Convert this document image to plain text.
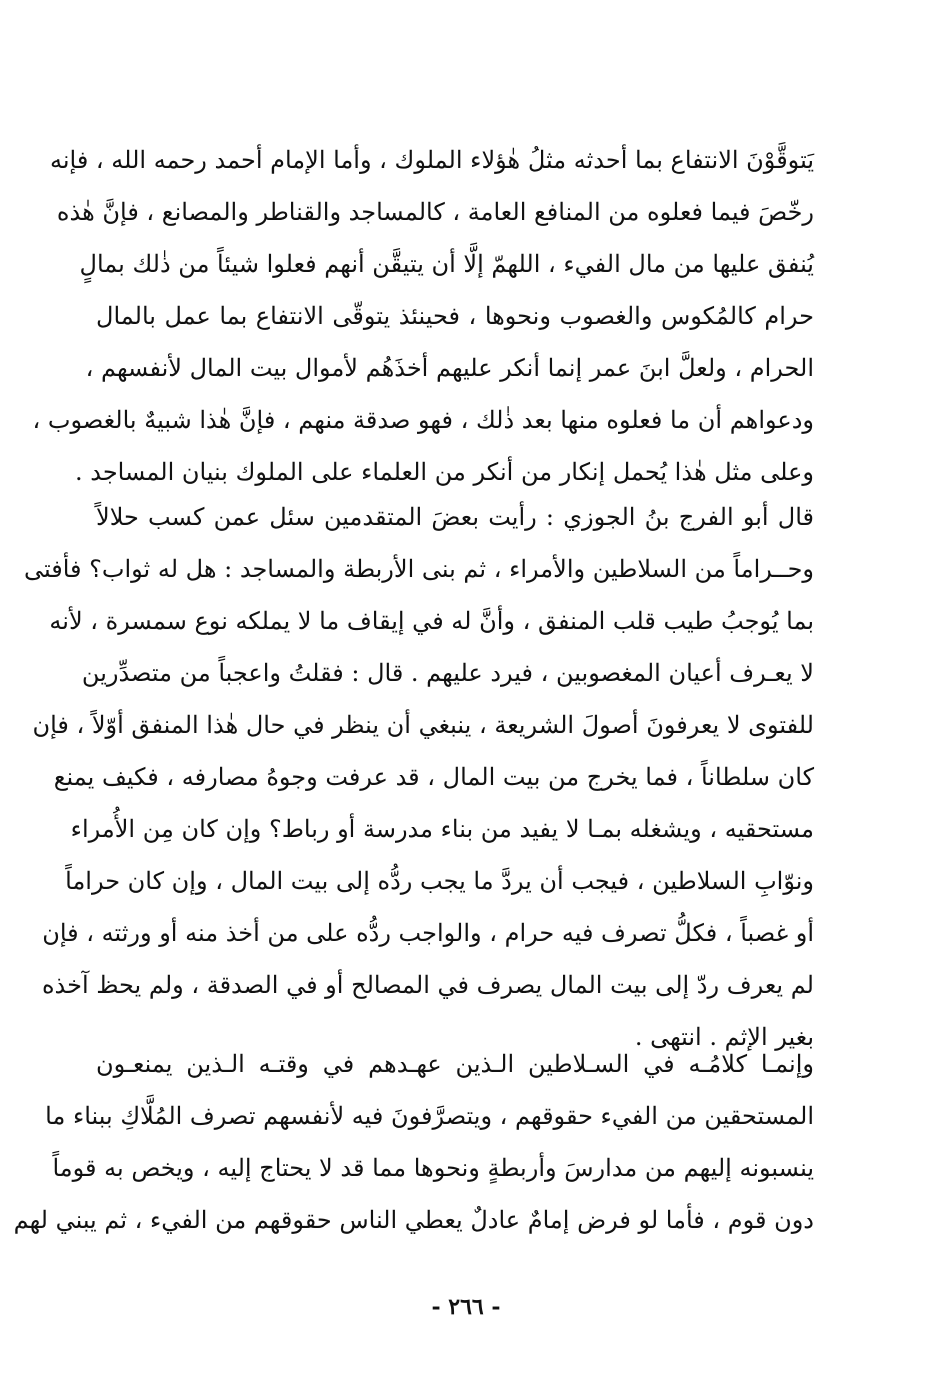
يَتوقَّوْنَ الانتفاع بما أحدثه مثلُ هٰؤلاء الملوك ، وأما الإمام أحمد رحمه الله ، فإنه
رخّصَ فيما فعلوه من المنافع العامة ، كالمساجد والقناطر والمصانع ، فإنَّ هٰذه
يُنفق عليها من مال الفيء ، اللهمّ إلَّا أن يتيقَّن أنهم فعلوا شيئاً من ذٰلك بمالٍ
حرام كالمُكوس والغصوب ونحوها ، فحينئذ يتوقّى الانتفاع بما عمل بالمال
الحرام ، ولعلَّ ابنَ عمر إنما أنكر عليهم أخذَهُم لأموال بيت المال لأنفسهم ،
ودعواهم أن ما فعلوه منها بعد ذٰلك ، فهو صدقة منهم ، فإنَّ هٰذا شبيهٌ بالغصوب ،
وعلى مثل هٰذا يُحمل إنكار من أنكر من العلماء على الملوك بنيان المساجد .
قال أبو الفرج بنُ الجوزي : رأيت بعضَ المتقدمين سئل عمن كسب حلالاً
وحــراماً من السلاطين والأمراء ، ثم بنى الأربطة والمساجد : هل له ثواب؟ فأفتى
بما يُوجبُ طيب قلب المنفق ، وأنَّ له في إيقاف ما لا يملكه نوع سمسرة ، لأنه
لا يعـرف أعيان المغصوبين ، فيرد عليهم . قال : فقلتُ واعجباً من متصدِّرين
للفتوى لا يعرفونَ أصولَ الشريعة ، ينبغي أن ينظر في حال هٰذا المنفق أوّلاً ، فإن
كان سلطاناً ، فما يخرج من بيت المال ، قد عرفت وجوهُ مصارفه ، فكيف يمنع
مستحقيه ، ويشغله بمـا لا يفيد من بناء مدرسة أو رباط؟ وإن كان مِن الأُمراء
ونوّابِ السلاطين ، فيجب أن يردَّ ما يجب ردُّه إلى بيت المال ، وإن كان حراماً
أو غصباً ، فكلُّ تصرف فيه حرام ، والواجب ردُّه على من أخذ منه أو ورثته ، فإن
لم يعرف ردّ إلى بيت المال يصرف في المصالح أو في الصدقة ، ولم يحظ آخذه
بغير الإثم . انتهى .
وإنمـا كلامُـه في السـلاطين الـذين عهـدهم في وقتـه الـذين يمنعـون
المستحقين من الفيء حقوقهم ، ويتصرَّفونَ فيه لأنفسهم تصرف المُلَّاكِ ببناء ما
ينسبونه إليهم من مدارسَ وأربطةٍ ونحوها مما قد لا يحتاج إليه ، ويخص به قوماً
دون قوم ، فأما لو فرض إمامٌ عادلٌ يعطي الناس حقوقهم من الفيء ، ثم يبني لهم
- ٢٦٦ -
